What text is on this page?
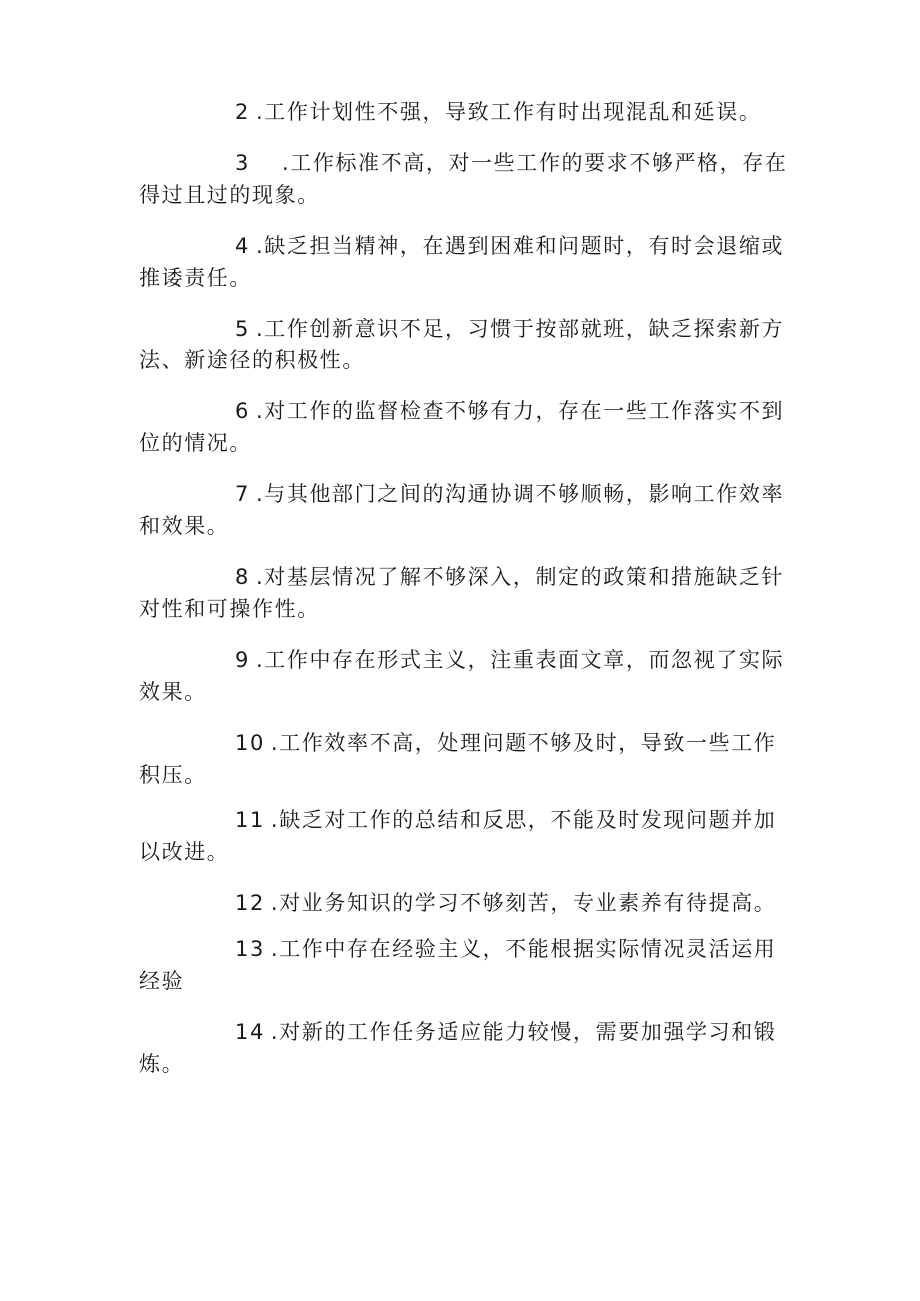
2 .工作计划性不强，导致工作有时出现混乱和延误。

3 .工作标准不高，对一些工作的要求不够严格，存在得过且过的现象。

4 .缺乏担当精神，在遇到困难和问题时，有时会退缩或推诿责任。

5 .工作创新意识不足，习惯于按部就班，缺乏探索新方法、新途径的积极性。

6 .对工作的监督检查不够有力，存在一些工作落实不到位的情况。

7 .与其他部门之间的沟通协调不够顺畅，影响工作效率和效果。

8 .对基层情况了解不够深入，制定的政策和措施缺乏针对性和可操作性。

9 .工作中存在形式主义，注重表面文章，而忽视了实际效果。

10 .工作效率不高，处理问题不够及时，导致一些工作积压。

11 .缺乏对工作的总结和反思，不能及时发现问题并加以改进。

12 .对业务知识的学习不够刻苦，专业素养有待提高。

13 .工作中存在经验主义，不能根据实际情况灵活运用经验

14 .对新的工作任务适应能力较慢，需要加强学习和锻炼。
